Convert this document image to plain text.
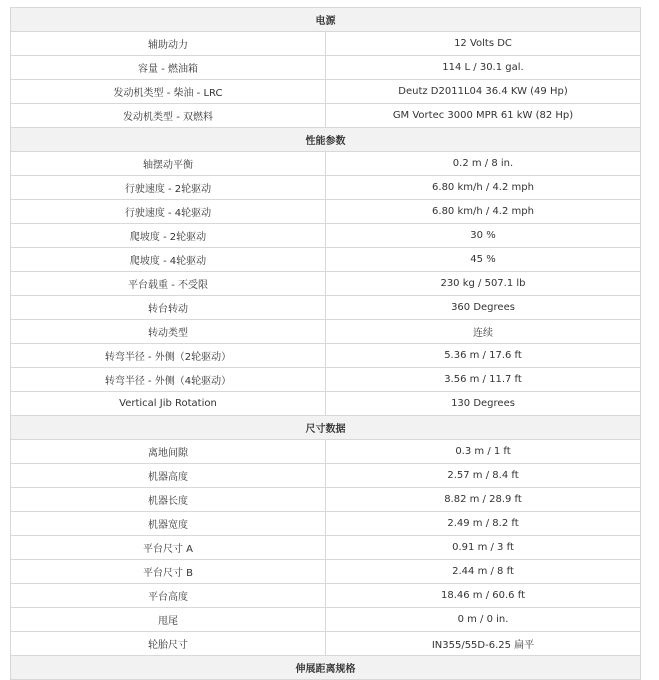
电源	
辅助动力	12 Volts DC
容量 - 燃油箱	114 L / 30.1 gal.
发动机类型 - 柴油 - LRC	Deutz D2011L04 36.4 KW (49 Hp)
发动机类型 - 双燃料	GM Vortec 3000 MPR 61 kW (82 Hp)
性能参数	
轴摆动平衡	0.2 m / 8 in.
行驶速度 - 2轮驱动	6.80 km/h / 4.2 mph
行驶速度 - 4轮驱动	6.80 km/h / 4.2 mph
爬坡度 - 2轮驱动	30 %
爬坡度 - 4轮驱动	45 %
平台载重 - 不受限	230 kg / 507.1 lb
转台转动	360 Degrees
转动类型	连续
转弯半径 - 外侧（2轮驱动）	5.36 m / 17.6 ft
转弯半径 - 外侧（4轮驱动）	3.56 m / 11.7 ft
Vertical Jib Rotation	130 Degrees
尺寸数据	
离地间隙	0.3 m / 1 ft
机器高度	2.57 m / 8.4 ft
机器长度	8.82 m / 28.9 ft
机器宽度	2.49 m / 8.2 ft
平台尺寸 A	0.91 m / 3 ft
平台尺寸 B	2.44 m / 8 ft
平台高度	18.46 m / 60.6 ft
甩尾	0 m / 0 in.
轮胎尺寸	IN355/55D-6.25 扁平
伸展距离规格	
